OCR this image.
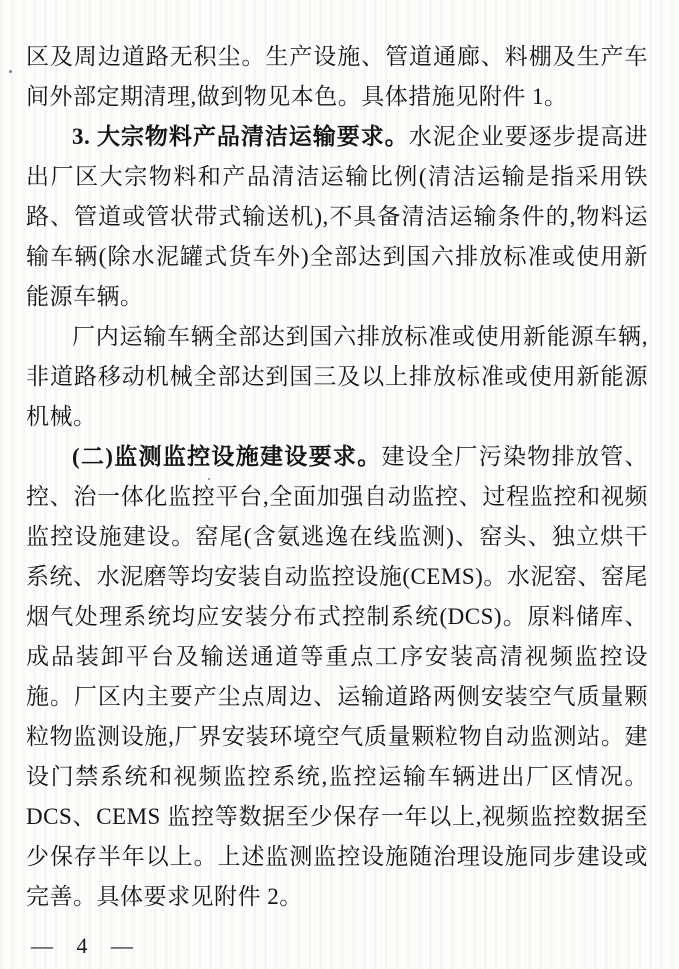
区及周边道路无积尘。生产设施、管道通廊、料棚及生产车间外部定期清理,做到物见本色。具体措施见附件 1。

3. 大宗物料产品清洁运输要求。水泥企业要逐步提高进出厂区大宗物料和产品清洁运输比例(清洁运输是指采用铁路、管道或管状带式输送机),不具备清洁运输条件的,物料运输车辆(除水泥罐式货车外)全部达到国六排放标准或使用新能源车辆。

厂内运输车辆全部达到国六排放标准或使用新能源车辆,非道路移动机械全部达到国三及以上排放标准或使用新能源机械。

(二)监测监控设施建设要求。建设全厂污染物排放管、控、治一体化监控平台,全面加强自动监控、过程监控和视频监控设施建设。窑尾(含氨逃逸在线监测)、窑头、独立烘干系统、水泥磨等均安装自动监控设施(CEMS)。水泥窑、窑尾烟气处理系统均应安装分布式控制系统(DCS)。原料储库、成品装卸平台及输送通道等重点工序安装高清视频监控设施。厂区内主要产尘点周边、运输道路两侧安装空气质量颗粒物监测设施,厂界安装环境空气质量颗粒物自动监测站。建设门禁系统和视频监控系统,监控运输车辆进出厂区情况。DCS、CEMS 监控等数据至少保存一年以上,视频监控数据至少保存半年以上。上述监测监控设施随治理设施同步建设或完善。具体要求见附件 2。

— 4 —
